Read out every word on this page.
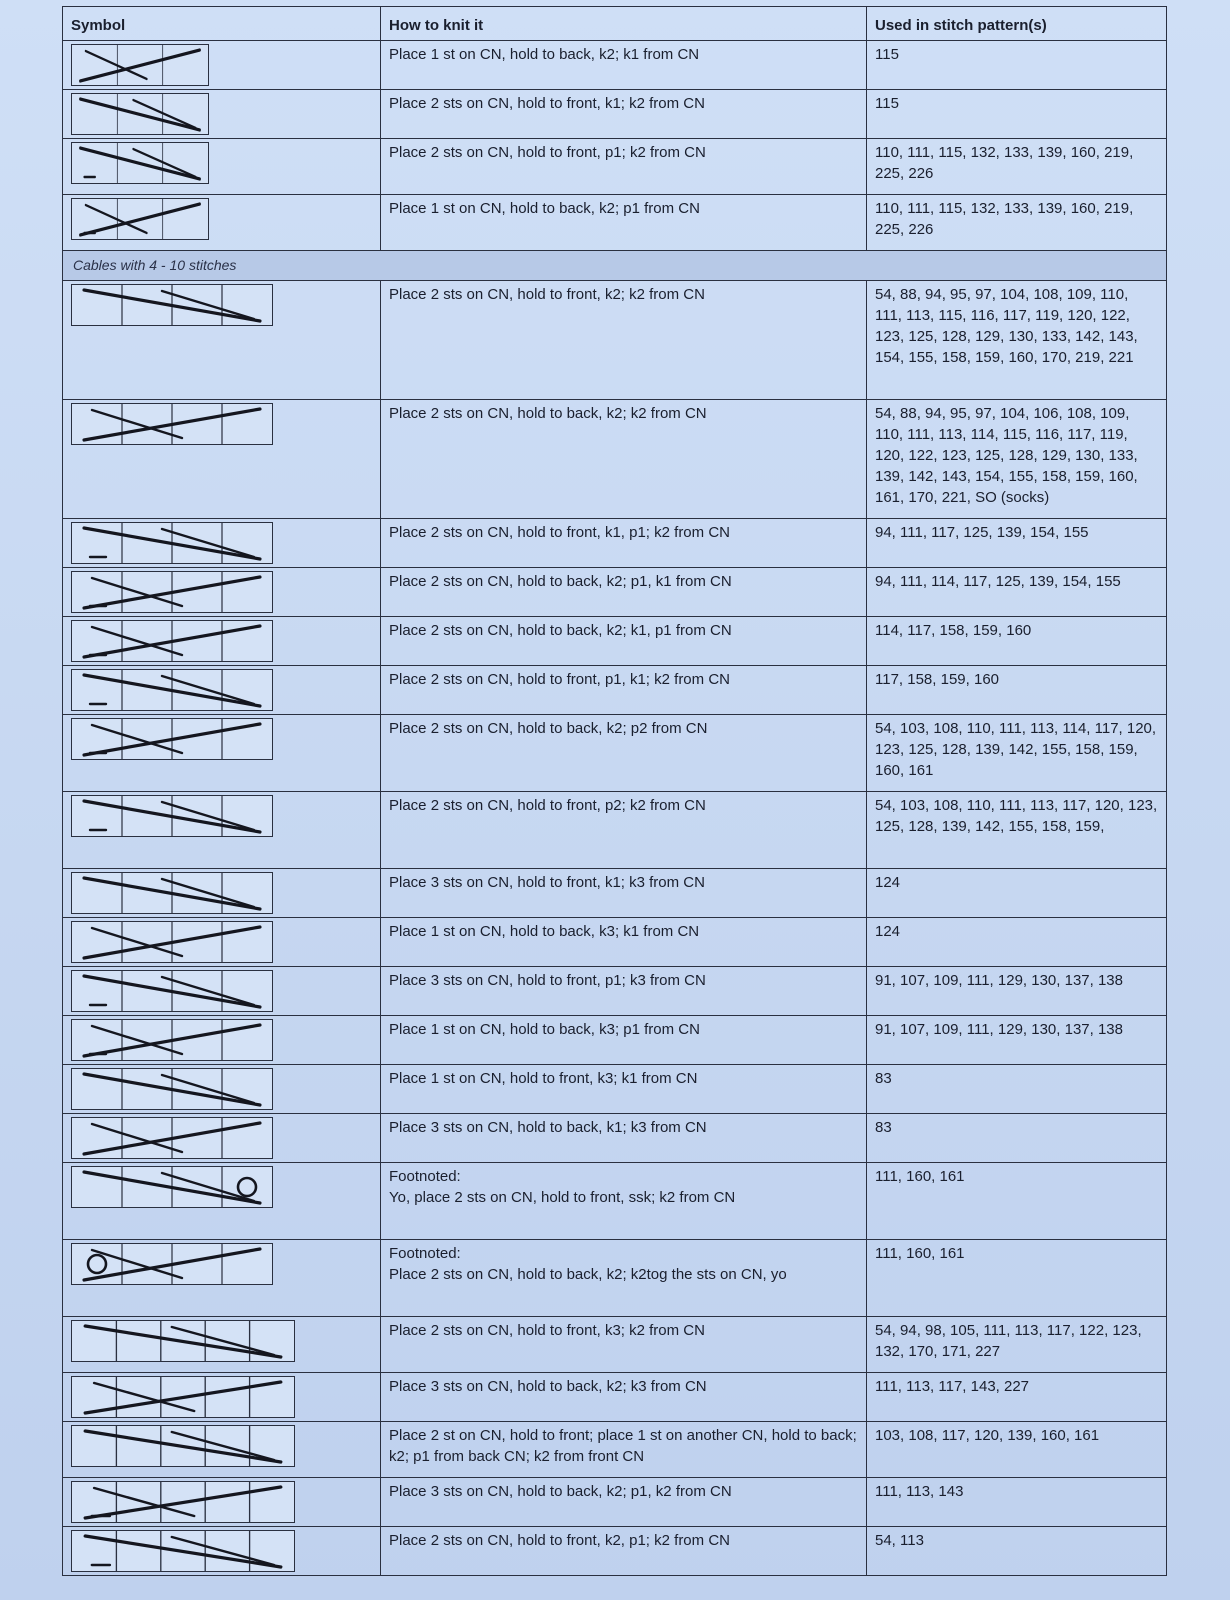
Symbol	How to knit it	Used in stitch pattern(s)

	Place 1 st on CN, hold to back, k2; k1 from CN	115

	Place 2 sts on CN, hold to front, k1; k2 from CN	115

	Place 2 sts on CN, hold to front, p1; k2 from CN	110, 111, 115, 132, 133, 139, 160, 219, 225, 226

	Place 1 st on CN, hold to back, k2; p1 from CN	110, 111, 115, 132, 133, 139, 160, 219, 225, 226
Cables with 4 - 10 stitches		

	Place 2 sts on CN, hold to front, k2; k2 from CN	54, 88, 94, 95, 97, 104, 108, 109, 110, 111, 113, 115, 116, 117, 119, 120, 122, 123, 125, 128, 129, 130, 133, 142, 143, 154, 155, 158, 159, 160, 170, 219, 221

	Place 2 sts on CN, hold to back, k2; k2 from CN	54, 88, 94, 95, 97, 104, 106, 108, 109, 110, 111, 113, 114, 115, 116, 117, 119, 120, 122, 123, 125, 128, 129, 130, 133, 139, 142, 143, 154, 155, 158, 159, 160, 161, 170, 221, SO (socks)

	Place 2 sts on CN, hold to front, k1, p1; k2 from CN	94, 111, 117, 125, 139, 154, 155

	Place 2 sts on CN, hold to back, k2; p1, k1 from CN	94, 111, 114, 117, 125, 139, 154, 155

	Place 2 sts on CN, hold to back, k2; k1, p1 from CN	114, 117, 158, 159, 160

	Place 2 sts on CN, hold to front, p1, k1; k2 from CN	117, 158, 159, 160

	Place 2 sts on CN, hold to back, k2; p2 from CN	54, 103, 108, 110, 111, 113, 114, 117, 120, 123, 125, 128, 139, 142, 155, 158, 159, 160, 161

	Place 2 sts on CN, hold to front, p2; k2 from CN	54, 103, 108, 110, 111, 113, 117, 120, 123, 125, 128, 139, 142, 155, 158, 159,

	Place 3 sts on CN, hold to front, k1; k3 from CN	124

	Place 1 st on CN, hold to back, k3; k1 from CN	124

	Place 3 sts on CN, hold to front, p1; k3 from CN	91, 107, 109, 111, 129, 130, 137, 138

	Place 1 st on CN, hold to back, k3; p1 from CN	91, 107, 109, 111, 129, 130, 137, 138

	Place 1 st on CN, hold to front, k3; k1 from CN	83

	Place 3 sts on CN, hold to back, k1; k3 from CN	83

	Footnoted:
Yo, place 2 sts on CN, hold to front, ssk; k2 from CN	111, 160, 161

	Footnoted:
Place 2 sts on CN, hold to back, k2; k2tog the sts on CN, yo	111, 160, 161

	Place 2 sts on CN, hold to front, k3; k2 from CN	54, 94, 98, 105, 111, 113, 117, 122, 123, 132, 170, 171, 227

	Place 3 sts on CN, hold to back, k2; k3 from CN	111, 113, 117, 143, 227

	Place 2 st on CN, hold to front; place 1 st on another CN, hold to back; k2; p1 from back CN; k2 from front CN	103, 108, 117, 120, 139, 160, 161

	Place 3 sts on CN, hold to back, k2; p1, k2 from CN	111, 113, 143

	Place 2 sts on CN, hold to front, k2, p1; k2 from CN	54, 113
